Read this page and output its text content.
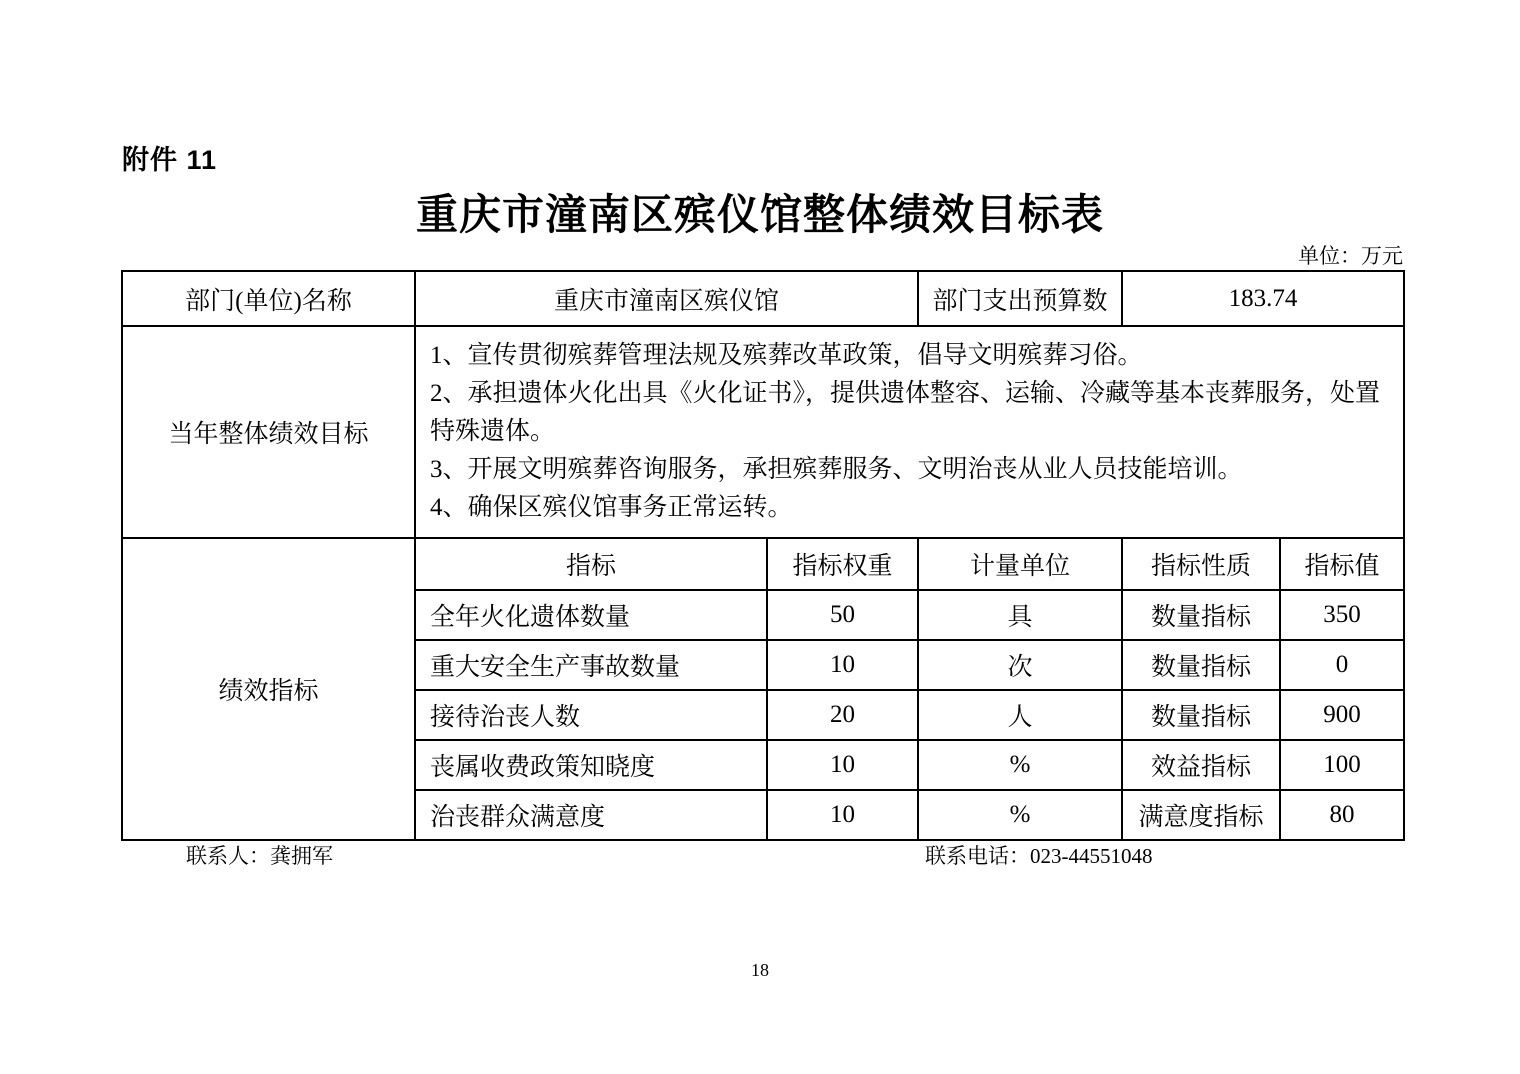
附件 11
重庆市潼南区殡仪馆整体绩效目标表
单位：万元
部门(单位)名称	重庆市潼南区殡仪馆		部门支出预算数	183.74	
当年整体绩效目标	1、宣传贯彻殡葬管理法规及殡葬改革政策，倡导文明殡葬习俗。
2、承担遗体火化出具《火化证书》，提供遗体整容、运输、冷藏等基本丧葬服务，处置特殊遗体。
3、开展文明殡葬咨询服务，承担殡葬服务、文明治丧从业人员技能培训。
4、确保区殡仪馆事务正常运转。				

绩效指标	指标	指标权重	计量单位	指标性质	指标值
	全年火化遗体数量	50	具	数量指标	350
	重大安全生产事故数量	10	次	数量指标	0
	接待治丧人数	20	人	数量指标	900
	丧属收费政策知晓度	10	%	效益指标	100
	治丧群众满意度	10	%	满意度指标	80
联系人：龚拥军	联系电话：023-44551048
18
